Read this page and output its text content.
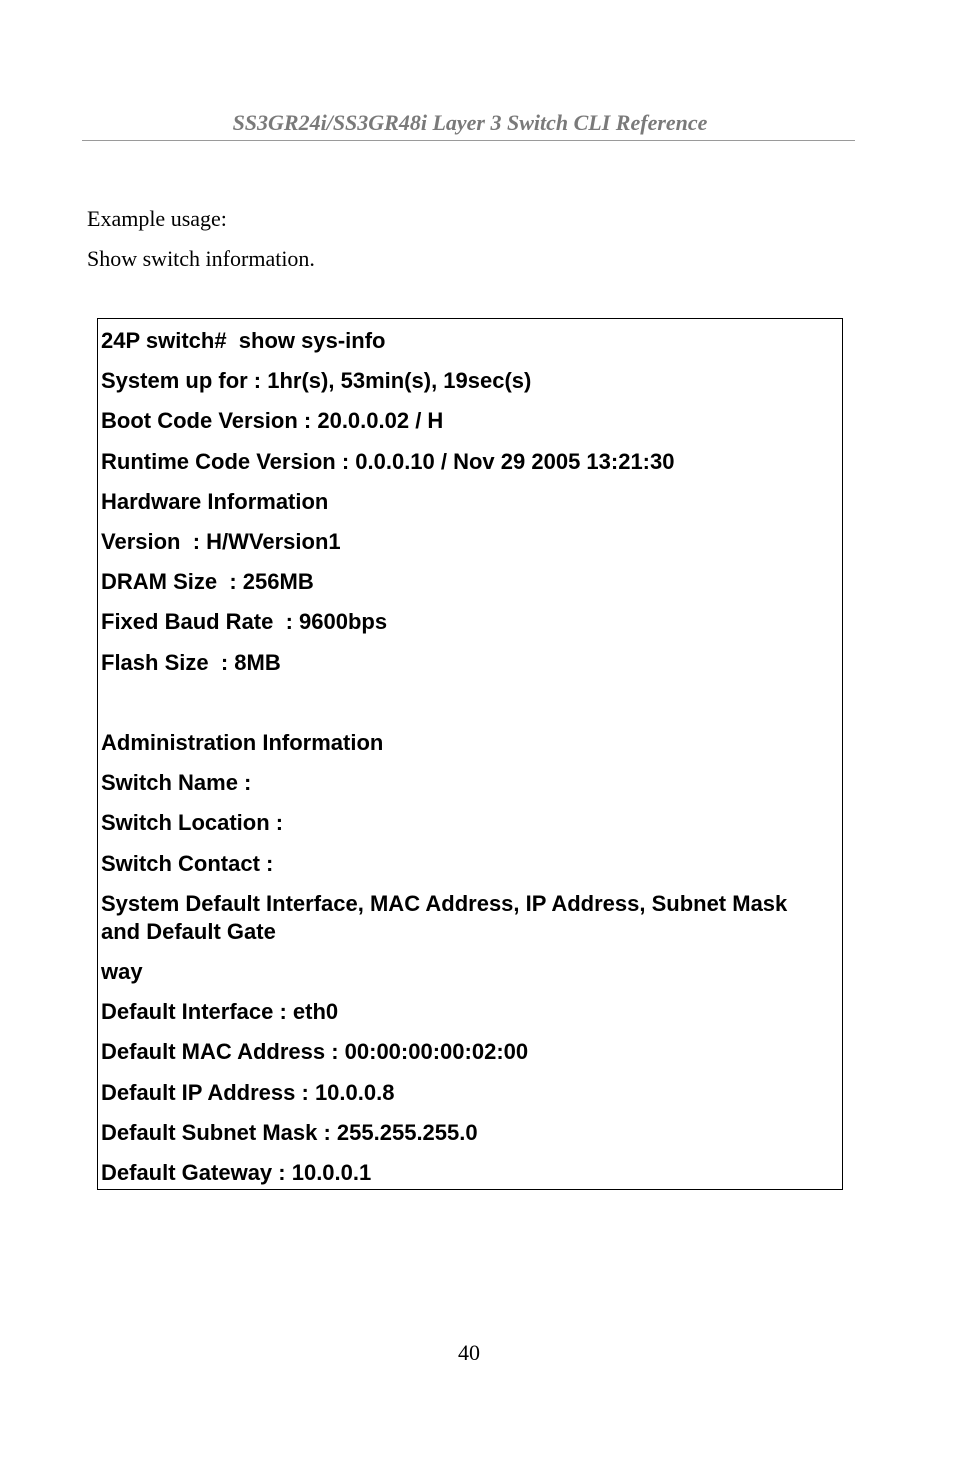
SS3GR24i/SS3GR48i Layer 3 Switch CLI Reference
Example usage:
Show switch information.
24P switch#  show sys-info
System up for : 1hr(s), 53min(s), 19sec(s)
Boot Code Version : 20.0.0.02 / H
Runtime Code Version : 0.0.0.10 / Nov 29 2005 13:21:30
Hardware Information
Version  : H/WVersion1
DRAM Size  : 256MB
Fixed Baud Rate  : 9600bps
Flash Size  : 8MB
Administration Information
Switch Name :
Switch Location :
Switch Contact :
System Default Interface, MAC Address, IP Address, Subnet Mask and Default Gate
way
Default Interface : eth0
Default MAC Address : 00:00:00:00:02:00
Default IP Address : 10.0.0.8
Default Subnet Mask : 255.255.255.0
Default Gateway : 10.0.0.1
40
